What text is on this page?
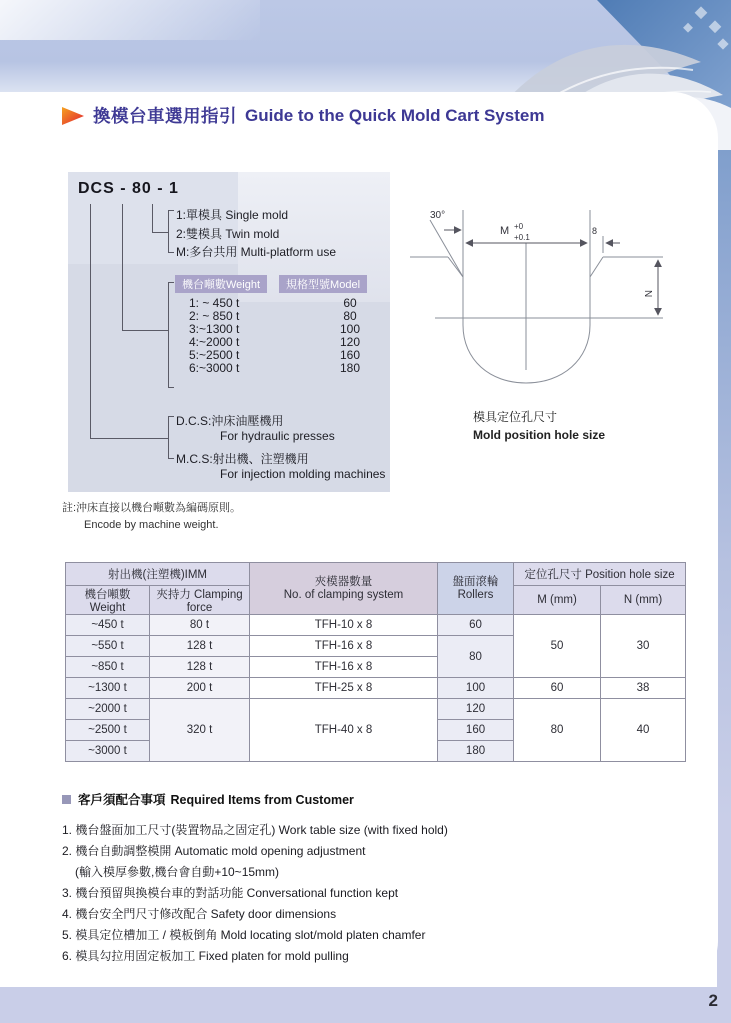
換模台車選用指引 Guide to the Quick Mold Cart System
DCS - 80 - 1
1:單模具 Single mold
2:雙模具 Twin mold
M:多台共用 Multi-platform use
機台噸數Weight	規格型號Model
1: ~ 450 t	60
2: ~ 850 t	80
3:~1300 t	100
4:~2000 t	120
5:~2500 t	160
6:~3000 t	180
D.C.S:沖床油壓機用
For hydraulic presses
M.C.S:射出機、注塑機用
For injection molding machines
註:沖床直接以機台噸數為編碼原則。
Encode by machine weight.
30°
M +0
+0.1
8
N
模具定位孔尺寸
Mold position hole size
射出機(注塑機)IMM	
夾模器數量
No. of clamping system

盤面滾輪
Rollers
	定位孔尺寸 Position hole size
機台噸數 Weight	夾持力 Clamping force			M (mm)	N (mm)
~450 t	80 t	TFH-10 x 8	60	50	30
~550 t	128 t	TFH-16 x 8	80		
~850 t	128 t	TFH-16 x 8			
~1300 t	200 t	TFH-25 x 8	100	60	38
~2000 t	320 t	TFH-40 x 8	120	80	40
~2500 t			160		
~3000 t			180		
客戶須配合事項 Required Items from Customer
1. 機台盤面加工尺寸(裝置物品之固定孔) Work table size (with fixed hold)
2. 機台自動調整模開 Automatic mold opening adjustment
(輸入模厚參數,機台會自動+10~15mm)
3. 機台預留與換模台車的對話功能 Conversational function kept
4. 機台安全門尺寸修改配合 Safety door dimensions
5. 模具定位槽加工 / 模板倒角 Mold locating slot/mold platen chamfer
6. 模具勾拉用固定板加工 Fixed platen for mold pulling
2
